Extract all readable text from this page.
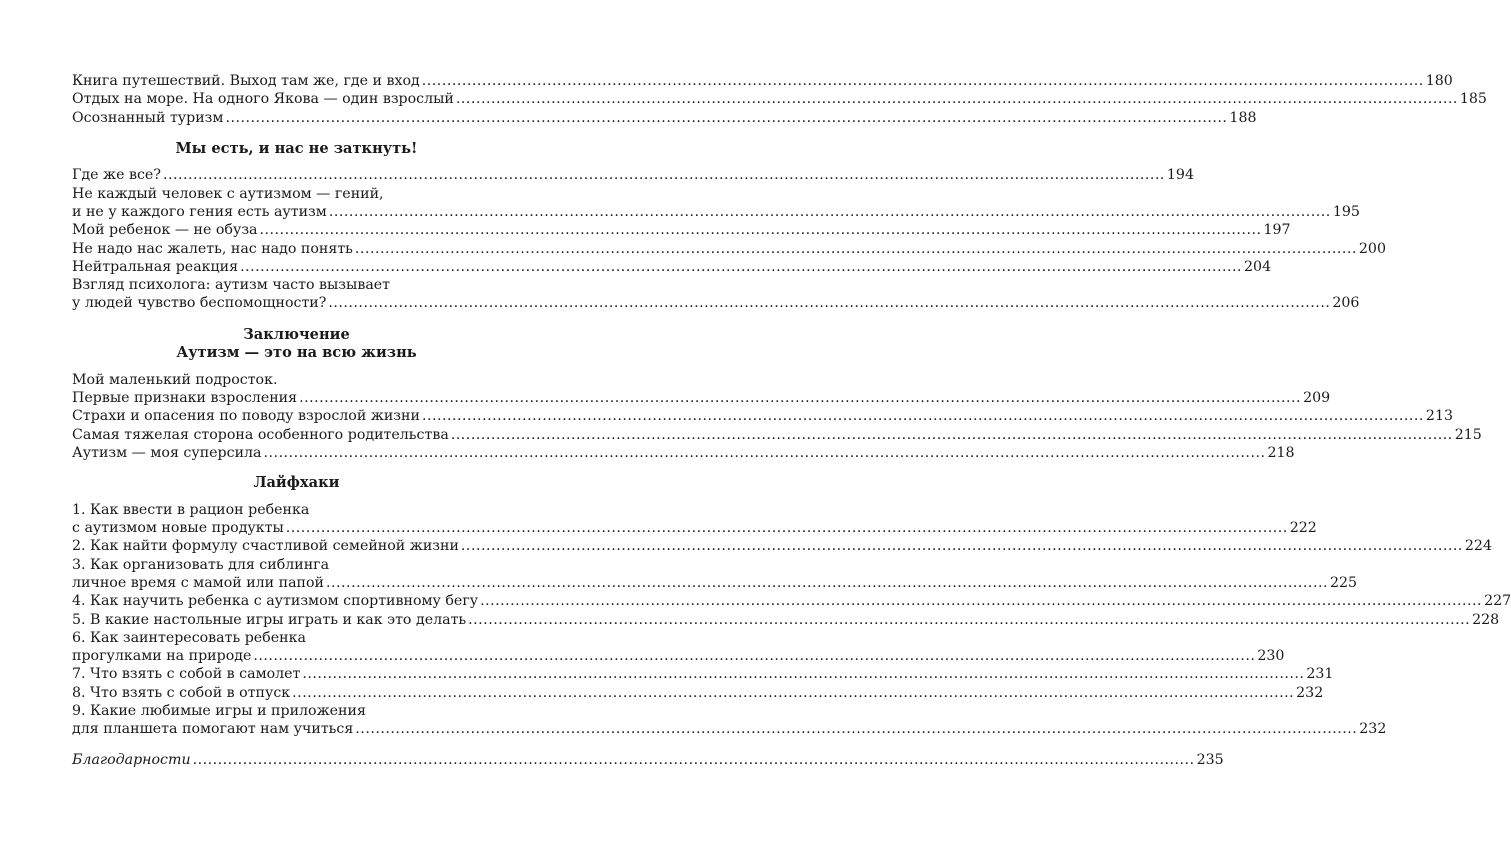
Книга путешествий. Выход там же, где и вход ........................................................................................................................................................................................................ 180
Отдых на море. На одного Якова — один взрослый ........................................................................................................................................................................................................ 185
Осознанный туризм ........................................................................................................................................................................................................ 188
Мы есть, и нас не заткнуть!
Где же все? ........................................................................................................................................................................................................ 194
Не каждый человек с аутизмом — гений,
и не у каждого гения есть аутизм ........................................................................................................................................................................................................ 195
Мой ребенок — не обуза ........................................................................................................................................................................................................ 197
Не надо нас жалеть, нас надо понять ........................................................................................................................................................................................................ 200
Нейтральная реакция ........................................................................................................................................................................................................ 204
Взгляд психолога: аутизм часто вызывает
у людей чувство беспомощности? ........................................................................................................................................................................................................ 206
Заключение
Аутизм — это на всю жизнь
Мой маленький подросток.
Первые признаки взросления ........................................................................................................................................................................................................ 209
Страхи и опасения по поводу взрослой жизни ........................................................................................................................................................................................................ 213
Самая тяжелая сторона особенного родительства ........................................................................................................................................................................................................ 215
Аутизм — моя суперсила ........................................................................................................................................................................................................ 218
Лайфхаки
1. Как ввести в рацион ребенка
с аутизмом новые продукты ........................................................................................................................................................................................................ 222
2. Как найти формулу счастливой семейной жизни ........................................................................................................................................................................................................ 224
3. Как организовать для сиблинга
личное время с мамой или папой ........................................................................................................................................................................................................ 225
4. Как научить ребенка с аутизмом спортивному бегу ........................................................................................................................................................................................................ 227
5. В какие настольные игры играть и как это делать ........................................................................................................................................................................................................ 228
6. Как заинтересовать ребенка
прогулками на природе ........................................................................................................................................................................................................ 230
7. Что взять с собой в самолет ........................................................................................................................................................................................................ 231
8. Что взять с собой в отпуск ........................................................................................................................................................................................................ 232
9. Какие любимые игры и приложения
для планшета помогают нам учиться ........................................................................................................................................................................................................ 232
Благодарности ........................................................................................................................................................................................................ 235
